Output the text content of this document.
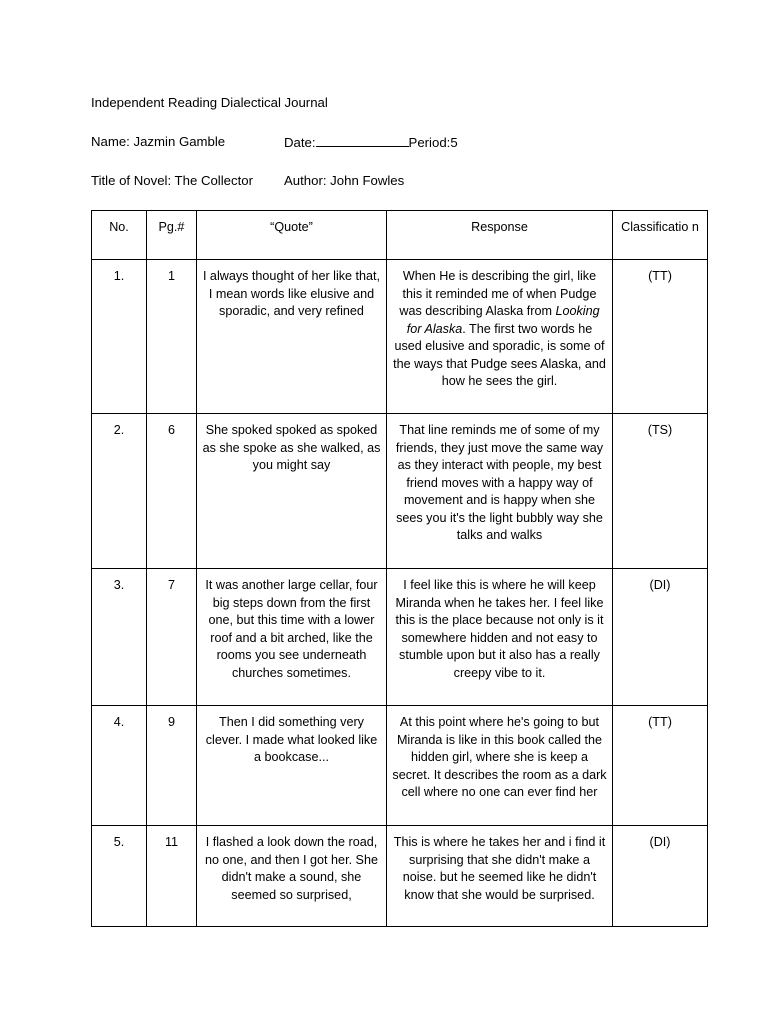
Independent Reading Dialectical Journal
Name: Jazmin Gamble	Date:	Period:5
Title of Novel: The Collector Author: John Fowles
No.	Pg.#	“Quote”	Response	Classificatio n
1.	1	I always thought of her like that, I mean words like elusive and sporadic, and very refined	When He is describing the girl, like this it reminded me of when Pudge was describing Alaska from Looking for Alaska. The first two words he used elusive and sporadic, is some of the ways that Pudge sees Alaska, and how he sees the girl.	(TT)
2.	6	She spoked spoked as spoked as she spoke as she walked, as you might say	That line reminds me of some of my friends, they just move the same way as they interact with people, my best friend moves with a happy way of movement and is happy when she sees you it's the light bubbly way she talks and walks	(TS)
3.	7	It was another large cellar, four big steps down from the first one, but this time with a lower roof and a bit arched, like the rooms you see underneath churches sometimes.	I feel like this is where he will keep Miranda when he takes her. I feel like this is the place because not only is it somewhere hidden and not easy to stumble upon but it also has a really creepy vibe to it.	(DI)
4.	9	Then I did something very clever. I made what looked like a bookcase...	At this point where he's going to but Miranda is like in this book called the hidden girl, where she is keep a secret. It describes the room as a dark cell where no one can ever find her	(TT)
5.	11	I flashed a look down the road, no one, and then I got her. She didn't make a sound, she seemed so surprised,	This is where he takes her and i find it surprising that she didn't make a noise. but he seemed like he didn't know that she would be surprised.	(DI)
